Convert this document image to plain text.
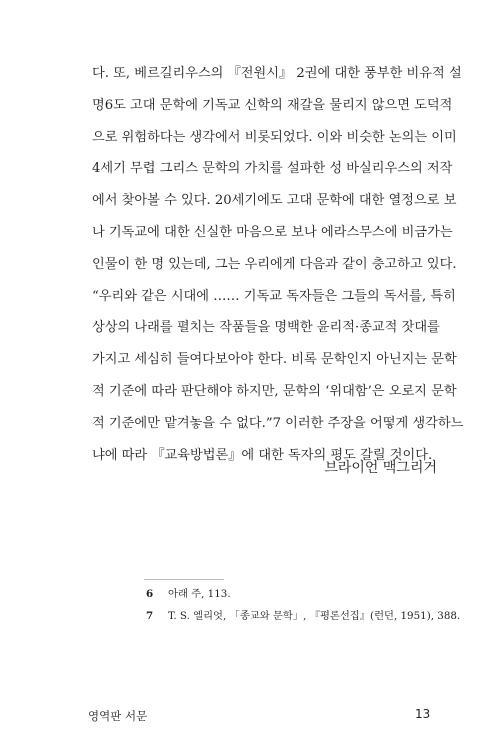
다. 또, 베르길리우스의 『전원시』 2권에 대한 풍부한 비유적 설
명6도 고대 문학에 기독교 신학의 재갈을 물리지 않으면 도덕적
으로 위험하다는 생각에서 비롯되었다. 이와 비슷한 논의는 이미
4세기 무렵 그리스 문학의 가치를 설파한 성 바실리우스의 저작
에서 찾아볼 수 있다. 20세기에도 고대 문학에 대한 열정으로 보
나 기독교에 대한 신실한 마음으로 보나 에라스무스에 비금가는
인물이 한 명 있는데, 그는 우리에게 다음과 같이 충고하고 있다.
“우리와 같은 시대에 …… 기독교 독자들은 그들의 독서를, 특히
상상의 나래를 펼치는 작품들을 명백한 윤리적·종교적 잣대를
가지고 세심히 들여다보아야 한다. 비록 문학인지 아닌지는 문학
적 기준에 따라 판단해야 하지만, 문학의 ‘위대함’은 오로지 문학
적 기준에만 맡겨놓을 수 없다.”7 이러한 주장을 어떻게 생각하느
냐에 따라 『교육방법론』에 대한 독자의 평도 갈릴 것이다.
브라이언 맥그리거
6 아래 주, 113.
7 T. S. 엘리엇, 「종교와 문학」, 『평론선집』(런던, 1951), 388.
영역판 서문	13
